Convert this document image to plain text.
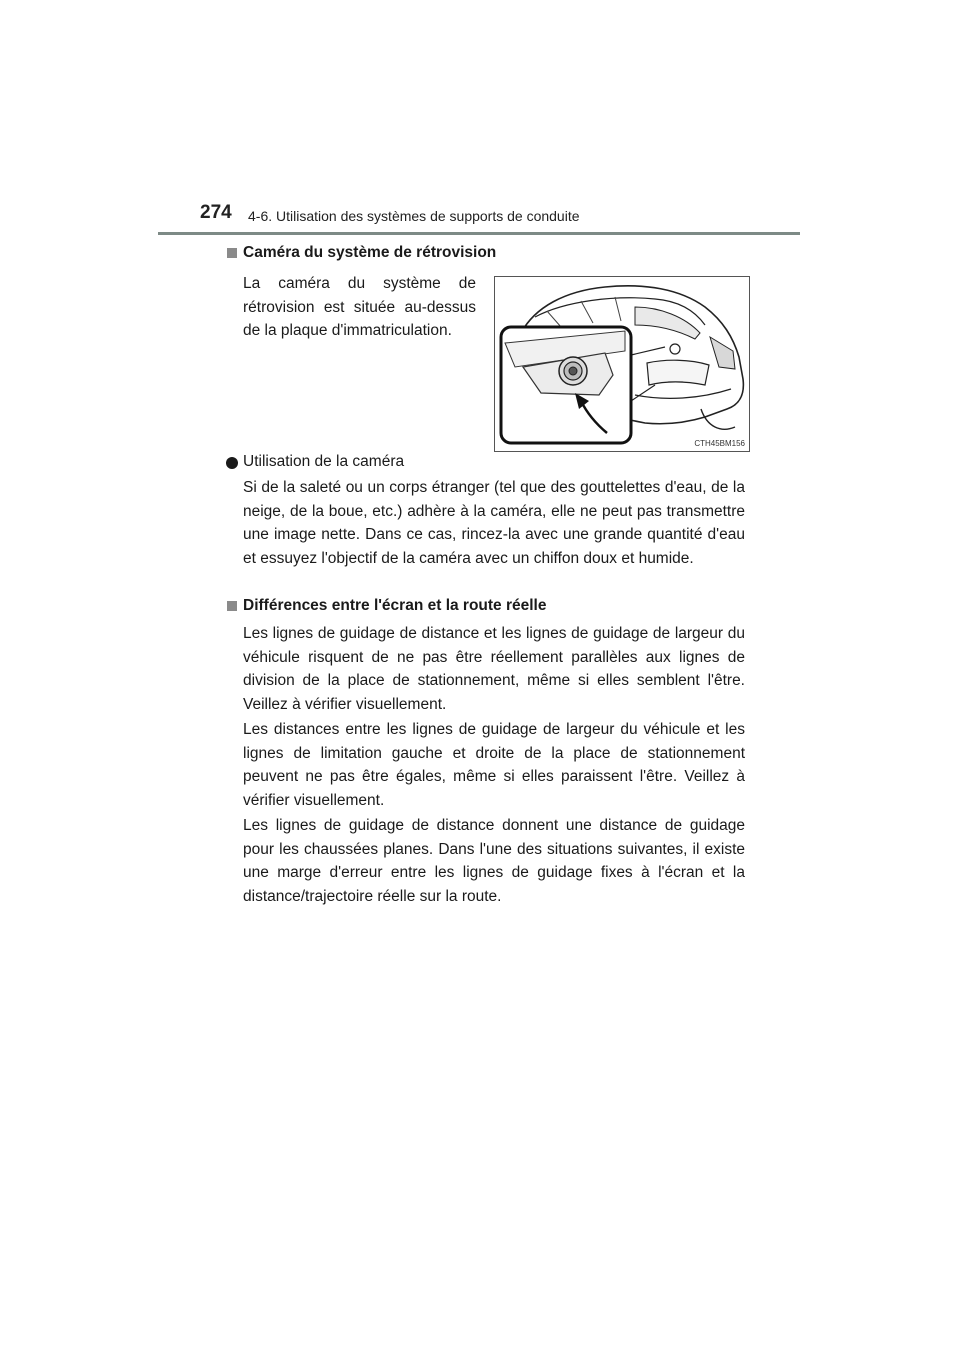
274 4-6. Utilisation des systèmes de supports de conduite
Caméra du système de rétrovision
La caméra du système de rétrovision est située au-dessus de la plaque d'immatriculation.
CTH45BM156
Utilisation de la caméra
Si de la saleté ou un corps étranger (tel que des gouttelettes d'eau, de la neige, de la boue, etc.) adhère à la caméra, elle ne peut pas transmettre une image nette. Dans ce cas, rincez-la avec une grande quantité d'eau et essuyez l'objectif de la caméra avec un chiffon doux et humide.
Différences entre l'écran et la route réelle
Les lignes de guidage de distance et les lignes de guidage de largeur du véhicule risquent de ne pas être réellement parallèles aux lignes de division de la place de stationnement, même si elles semblent l'être. Veillez à vérifier visuellement.
Les distances entre les lignes de guidage de largeur du véhicule et les lignes de limitation gauche et droite de la place de stationnement peuvent ne pas être égales, même si elles paraissent l'être. Veillez à vérifier visuellement.
Les lignes de guidage de distance donnent une distance de guidage pour les chaussées planes. Dans l'une des situations suivantes, il existe une marge d'erreur entre les lignes de guidage fixes à l'écran et la distance/trajectoire réelle sur la route.
